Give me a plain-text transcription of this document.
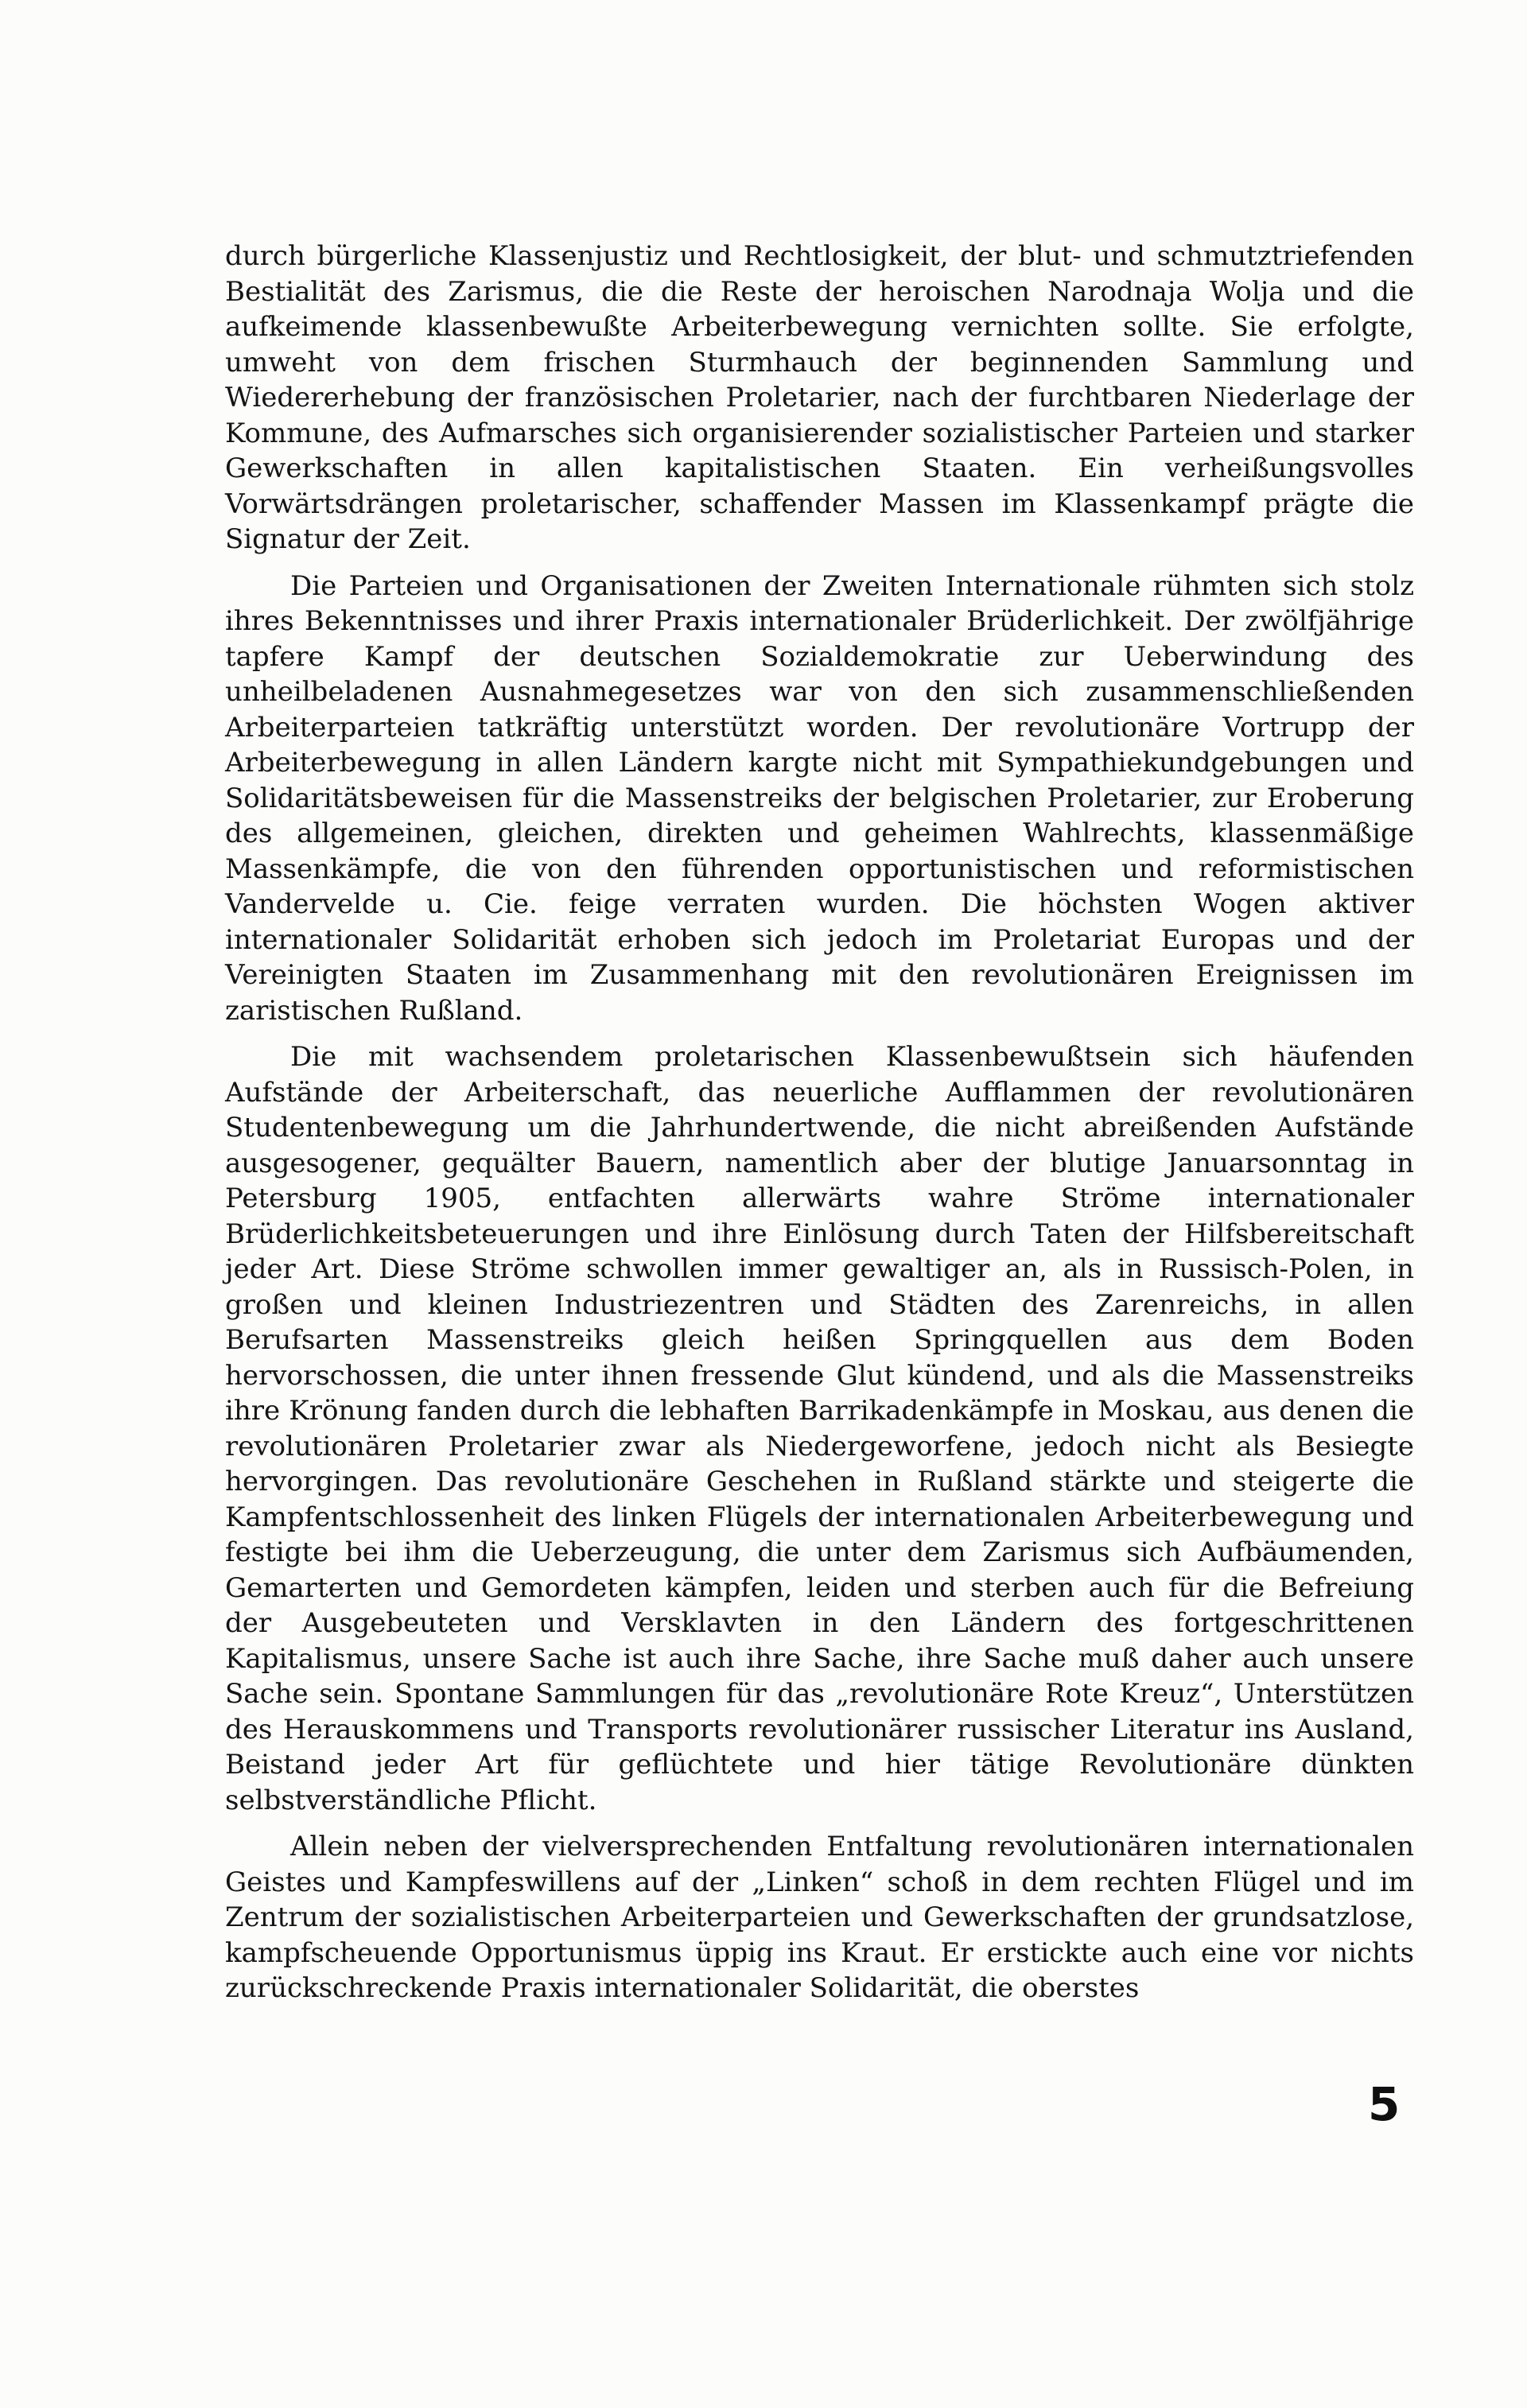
durch bürgerliche Klassenjustiz und Rechtlosigkeit, der blut- und schmutztriefenden Bestialität des Zarismus, die die Reste der heroischen Narodnaja Wolja und die aufkeimende klassenbewußte Arbeiterbewegung vernichten sollte. Sie erfolgte, umweht von dem frischen Sturmhauch der beginnenden Sammlung und Wiedererhebung der französischen Proletarier, nach der furchtbaren Niederlage der Kommune, des Aufmarsches sich organisierender sozialistischer Parteien und starker Gewerkschaften in allen kapitalistischen Staaten. Ein verheißungsvolles Vorwärtsdrängen proletarischer, schaffender Massen im Klassenkampf prägte die Signatur der Zeit.

Die Parteien und Organisationen der Zweiten Internationale rühmten sich stolz ihres Bekenntnisses und ihrer Praxis internationaler Brüderlichkeit. Der zwölfjährige tapfere Kampf der deutschen Sozialdemokratie zur Ueberwindung des unheilbeladenen Ausnahmegesetzes war von den sich zusammenschließenden Arbeiterparteien tatkräftig unterstützt worden. Der revolutionäre Vortrupp der Arbeiterbewegung in allen Ländern kargte nicht mit Sympathiekundgebungen und Solidaritätsbeweisen für die Massenstreiks der belgischen Proletarier, zur Eroberung des allgemeinen, gleichen, direkten und geheimen Wahlrechts, klassenmäßige Massenkämpfe, die von den führenden opportunistischen und reformistischen Vandervelde u. Cie. feige verraten wurden. Die höchsten Wogen aktiver internationaler Solidarität erhoben sich jedoch im Proletariat Europas und der Vereinigten Staaten im Zusammenhang mit den revolutionären Ereignissen im zaristischen Rußland.

Die mit wachsendem proletarischen Klassenbewußtsein sich häufenden Aufstände der Arbeiterschaft, das neuerliche Aufflammen der revolutionären Studentenbewegung um die Jahrhundertwende, die nicht abreißenden Aufstände ausgesogener, gequälter Bauern, namentlich aber der blutige Januarsonntag in Petersburg 1905, entfachten allerwärts wahre Ströme internationaler Brüderlichkeitsbeteuerungen und ihre Einlösung durch Taten der Hilfsbereitschaft jeder Art. Diese Ströme schwollen immer gewaltiger an, als in Russisch-Polen, in großen und kleinen Industriezentren und Städten des Zarenreichs, in allen Berufsarten Massenstreiks gleich heißen Springquellen aus dem Boden hervorschossen, die unter ihnen fressende Glut kündend, und als die Massenstreiks ihre Krönung fanden durch die lebhaften Barrikadenkämpfe in Moskau, aus denen die revolutionären Proletarier zwar als Niedergeworfene, jedoch nicht als Besiegte hervorgingen. Das revolutionäre Geschehen in Rußland stärkte und steigerte die Kampfentschlossenheit des linken Flügels der internationalen Arbeiterbewegung und festigte bei ihm die Ueberzeugung, die unter dem Zarismus sich Aufbäumenden, Gemarterten und Gemordeten kämpfen, leiden und sterben auch für die Befreiung der Ausgebeuteten und Versklavten in den Ländern des fortgeschrittenen Kapitalismus, unsere Sache ist auch ihre Sache, ihre Sache muß daher auch unsere Sache sein. Spontane Sammlungen für das „revolutionäre Rote Kreuz“, Unterstützen des Herauskommens und Transports revolutionärer russischer Literatur ins Ausland, Beistand jeder Art für geflüchtete und hier tätige Revolutionäre dünkten selbstverständliche Pflicht.

Allein neben der vielversprechenden Entfaltung revolutionären internationalen Geistes und Kampfeswillens auf der „Linken“ schoß in dem rechten Flügel und im Zentrum der sozialistischen Arbeiterparteien und Gewerkschaften der grundsatzlose, kampfscheuende Opportunismus üppig ins Kraut. Er erstickte auch eine vor nichts zurückschreckende Praxis internationaler Solidarität, die oberstes

5
